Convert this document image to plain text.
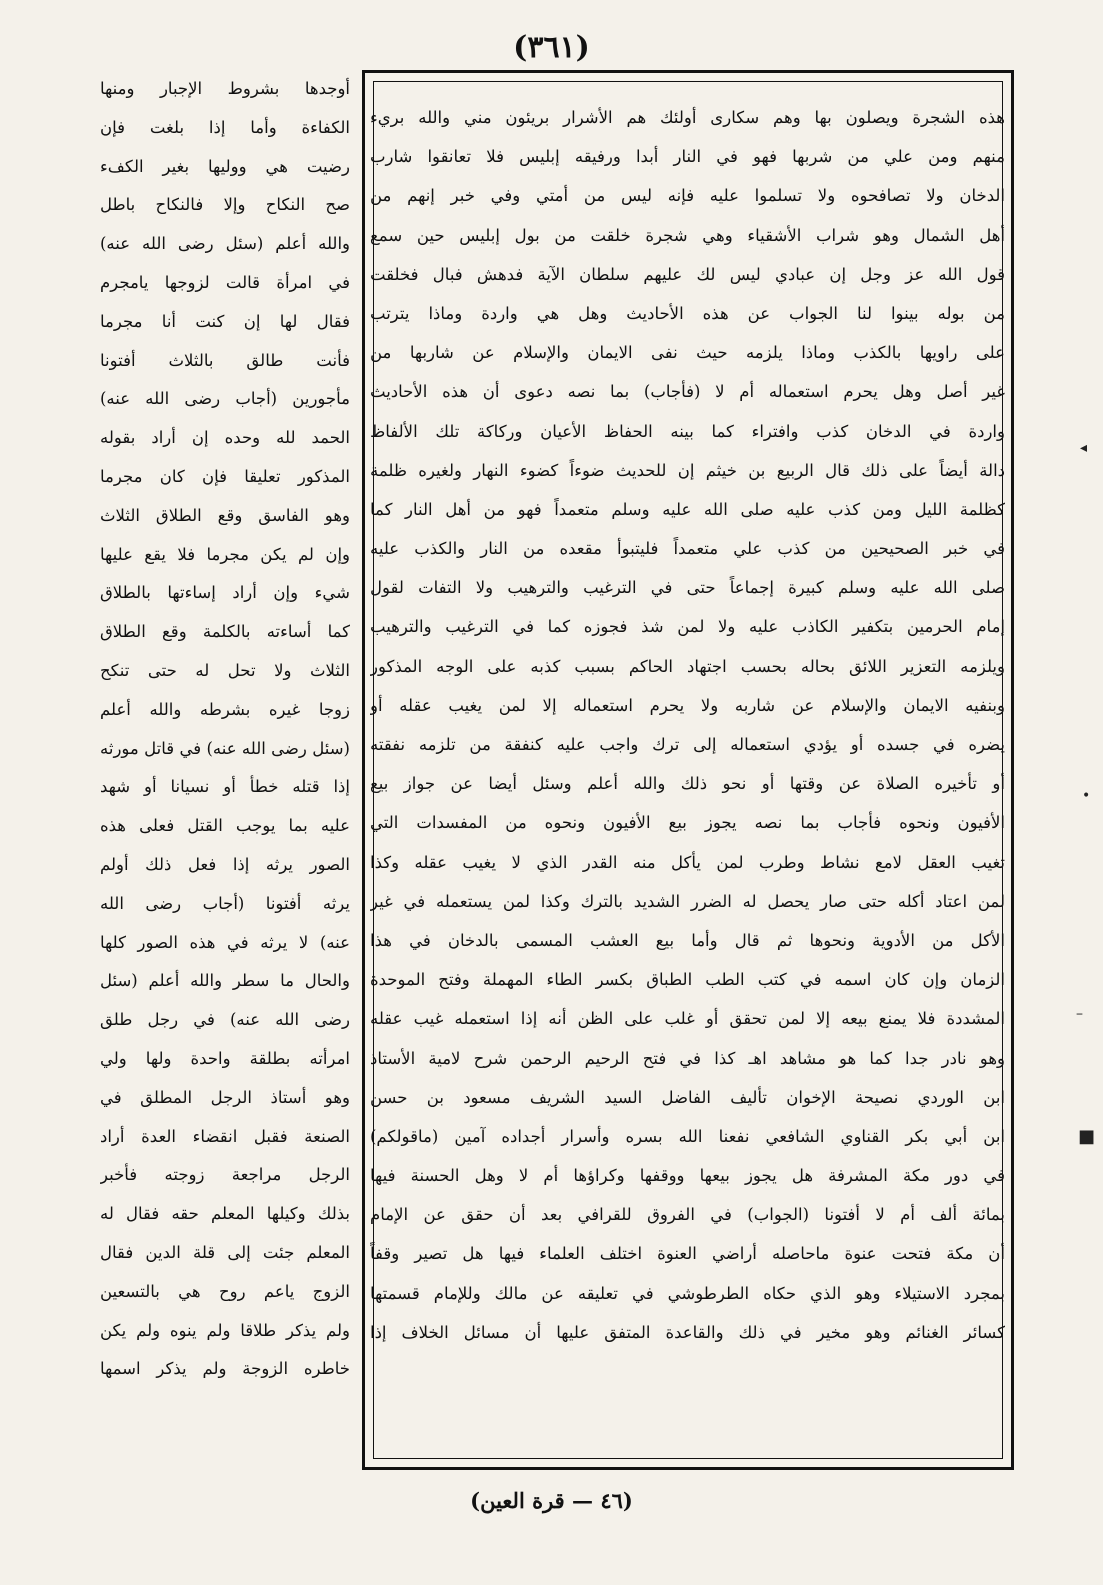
(٣٦١)
هذه الشجرة ويصلون بها وهم سكارى أولئك هم الأشرار بريئون مني والله بريء
منهم ومن علي من شربها فهو في النار أبدا ورفيقه إبليس فلا تعانقوا شارب
الدخان ولا تصافحوه ولا تسلموا عليه فإنه ليس من أمتي وفي خبر إنهم من
أهل الشمال وهو شراب الأشقياء وهي شجرة خلقت من بول إبليس حين سمع
قول الله عز وجل إن عبادي ليس لك عليهم سلطان الآية فدهش فبال فخلقت
من بوله بينوا لنا الجواب عن هذه الأحاديث وهل هي واردة وماذا يترتب
على راويها بالكذب وماذا يلزمه حيث نفى الايمان والإسلام عن شاربها من
غير أصل وهل يحرم استعماله أم لا (فأجاب) بما نصه دعوى أن هذه الأحاديث
واردة في الدخان كذب وافتراء كما بينه الحفاظ الأعيان وركاكة تلك الألفاظ
دالة أيضاً على ذلك قال الربيع بن خيثم إن للحديث ضوءاً كضوء النهار ولغيره ظلمة
كظلمة الليل ومن كذب عليه صلى الله عليه وسلم متعمداً فهو من أهل النار كما
في خبر الصحيحين من كذب علي متعمداً فليتبوأ مقعده من النار والكذب عليه
صلى الله عليه وسلم كبيرة إجماعاً حتى في الترغيب والترهيب ولا التفات لقول
إمام الحرمين بتكفير الكاذب عليه ولا لمن شذ فجوزه كما في الترغيب والترهيب
ويلزمه التعزير اللائق بحاله بحسب اجتهاد الحاكم بسبب كذبه على الوجه المذكور
وبنفيه الايمان والإسلام عن شاربه ولا يحرم استعماله إلا لمن يغيب عقله أو
يضره في جسده أو يؤدي استعماله إلى ترك واجب عليه كنفقة من تلزمه نفقته
أو تأخيره الصلاة عن وقتها أو نحو ذلك والله أعلم وسئل أيضا عن جواز بيع
الأفيون ونحوه فأجاب بما نصه يجوز بيع الأفيون ونحوه من المفسدات التي
تغيب العقل لامع نشاط وطرب لمن يأكل منه القدر الذي لا يغيب عقله وكذا
لمن اعتاد أكله حتى صار يحصل له الضرر الشديد بالترك وكذا لمن يستعمله في غير
الأكل من الأدوية ونحوها ثم قال وأما بيع العشب المسمى بالدخان في هذا
الزمان وإن كان اسمه في كتب الطب الطباق بكسر الطاء المهملة وفتح الموحدة
المشددة فلا يمنع بيعه إلا لمن تحقق أو غلب على الظن أنه إذا استعمله غيب عقله
وهو نادر جدا كما هو مشاهد اهـ كذا في فتح الرحيم الرحمن شرح لامية الأستاذ
ابن الوردي نصيحة الإخوان تأليف الفاضل السيد الشريف مسعود بن حسن
ابن أبي بكر القناوي الشافعي نفعنا الله بسره وأسرار أجداده آمين (ماقولكم)
في دور مكة المشرفة هل يجوز بيعها ووقفها وكراؤها أم لا وهل الحسنة فيها
بمائة ألف أم لا أفتونا (الجواب) في الفروق للقرافي بعد أن حقق عن الإمام
أن مكة فتحت عنوة ماحاصله أراضي العنوة اختلف العلماء فيها هل تصير وقفاً
بمجرد الاستيلاء وهو الذي حكاه الطرطوشي في تعليقه عن مالك وللإمام قسمتها
كسائر الغنائم وهو مخير في ذلك والقاعدة المتفق عليها أن مسائل الخلاف إذا
أوجدها بشروط الإجبار ومنها
الكفاءة وأما إذا بلغت فإن
رضيت هي ووليها بغير الكفء
صح النكاح وإلا فالنكاح باطل
والله أعلم (سئل رضى الله عنه)
في امرأة قالت لزوجها يامجرم
فقال لها إن كنت أنا مجرما
فأنت طالق بالثلاث أفتونا
مأجورين (أجاب رضى الله عنه)
الحمد لله وحده إن أراد بقوله
المذكور تعليقا فإن كان مجرما
وهو الفاسق وقع الطلاق الثلاث
وإن لم يكن مجرما فلا يقع عليها
شيء وإن أراد إساءتها بالطلاق
كما أساءته بالكلمة وقع الطلاق
الثلاث ولا تحل له حتى تنكح
زوجا غيره بشرطه والله أعلم
(سئل رضى الله عنه) في قاتل مورثه
إذا قتله خطأ أو نسيانا أو شهد
عليه بما يوجب القتل فعلى هذه
الصور يرثه إذا فعل ذلك أولم
يرثه أفتونا (أجاب رضى الله
عنه) لا يرثه في هذه الصور كلها
والحال ما سطر والله أعلم (سئل
رضى الله عنه) في رجل طلق
امرأته بطلقة واحدة ولها ولي
وهو أستاذ الرجل المطلق في
الصنعة فقبل انقضاء العدة أراد
الرجل مراجعة زوجته فأخبر
بذلك وكيلها المعلم حقه فقال له
المعلم جئت إلى قلة الدين فقال
الزوج ياعم روح هي بالتسعين
ولم يذكر طلاقا ولم ينوه ولم يكن
خاطره الزوجة ولم يذكر اسمها
(٤٦ — قرة العين)
◂
•
–
■
